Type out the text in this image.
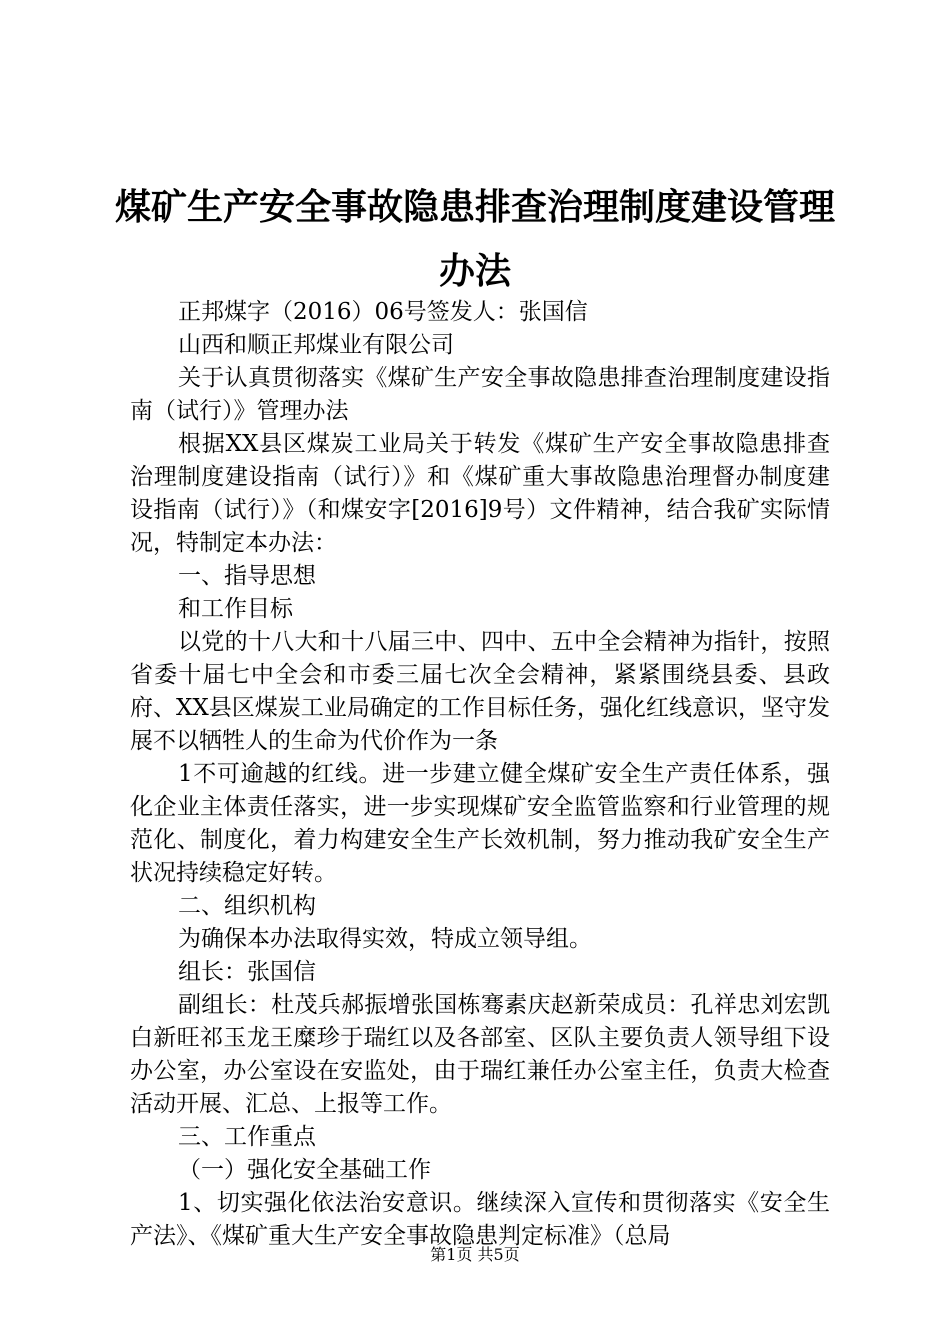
煤矿生产安全事故隐患排查治理制度建设管理办法

正邦煤字（2016）06号签发人：张国信

山西和顺正邦煤业有限公司

关于认真贯彻落实《煤矿生产安全事故隐患排查治理制度建设指南（试行）》管理办法

根据XX县区煤炭工业局关于转发《煤矿生产安全事故隐患排查治理制度建设指南（试行）》和《煤矿重大事故隐患治理督办制度建设指南（试行）》（和煤安字[2016]9号）文件精神，结合我矿实际情况，特制定本办法：

一、指导思想

和工作目标

以党的十八大和十八届三中、四中、五中全会精神为指针，按照省委十届七中全会和市委三届七次全会精神，紧紧围绕县委、县政府、XX县区煤炭工业局确定的工作目标任务，强化红线意识，坚守发展不以牺牲人的生命为代价作为一条

1不可逾越的红线。进一步建立健全煤矿安全生产责任体系，强化企业主体责任落实，进一步实现煤矿安全监管监察和行业管理的规范化、制度化，着力构建安全生产长效机制，努力推动我矿安全生产状况持续稳定好转。

二、组织机构

为确保本办法取得实效，特成立领导组。

组长：张国信

副组长：杜茂兵郝振增张国栋骞素庆赵新荣成员：孔祥忠刘宏凯白新旺祁玉龙王糜珍于瑞红以及各部室、区队主要负责人领导组下设办公室，办公室设在安监处，由于瑞红兼任办公室主任，负责大检查活动开展、汇总、上报等工作。

三、工作重点

（一）强化安全基础工作

1、切实强化依法治安意识。继续深入宣传和贯彻落实《安全生产法》、《煤矿重大生产安全事故隐患判定标准》（总局

第1页 共5页
